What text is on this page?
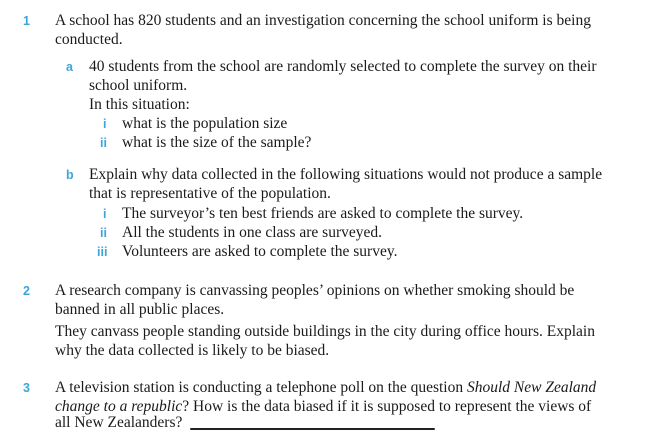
1 A school has 820 students and an investigation concerning the school uniform is being
conducted.
a 40 students from the school are randomly selected to complete the survey on their
school uniform.
In this situation:
i what is the population size
ii what is the size of the sample?
b Explain why data collected in the following situations would not produce a sample
that is representative of the population.
i The surveyor’s ten best friends are asked to complete the survey.
ii All the students in one class are surveyed.
iii Volunteers are asked to complete the survey.
2 A research company is canvassing peoples’ opinions on whether smoking should be
banned in all public places.
They canvass people standing outside buildings in the city during office hours. Explain
why the data collected is likely to be biased.
3 A television station is conducting a telephone poll on the question Should New Zealand
change to a republic? How is the data biased if it is supposed to represent the views of
all New Zealanders?
